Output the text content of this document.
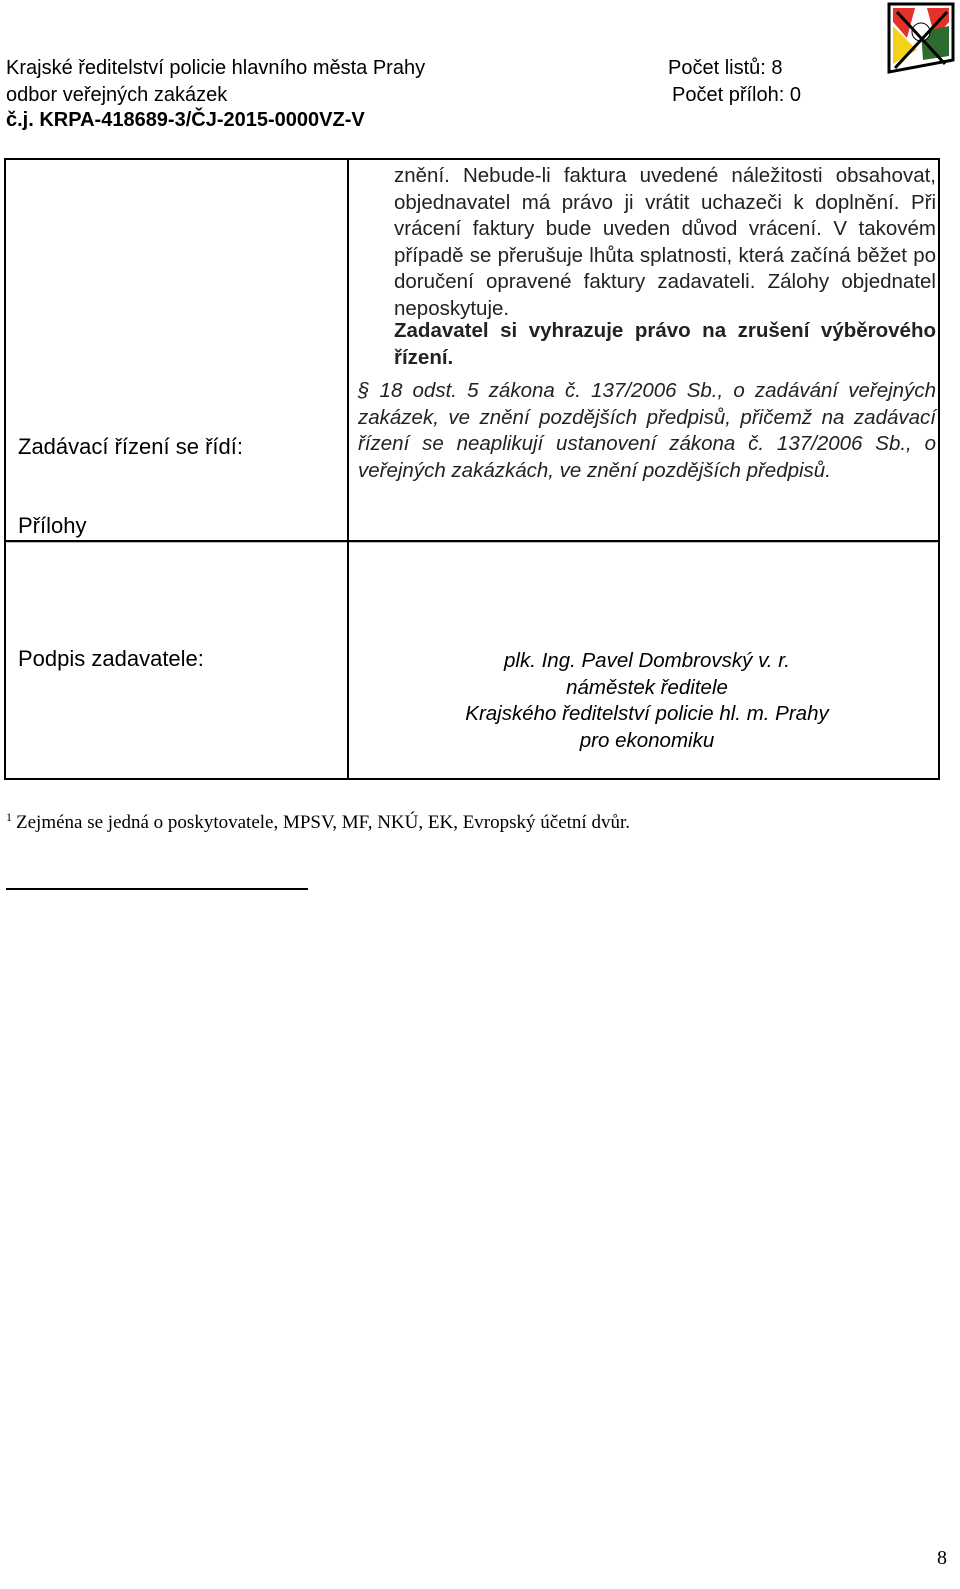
Krajské ředitelství policie hlavního města Prahy
odbor veřejných zakázek
č.j. KRPA-418689-3/ČJ-2015-0000VZ-V
Počet listů: 8
Počet příloh: 0
znění. Nebude-li faktura uvedené náležitosti obsahovat, objednavatel má právo ji vrátit uchazeči k doplnění. Při vrácení faktury bude uveden důvod vrácení. V takovém případě se přerušuje lhůta splatnosti, která začíná běžet po doručení opravené faktury zadavateli. Zálohy objednatel neposkytuje.
Zadavatel si vyhrazuje právo na zrušení výběrového řízení.
§ 18 odst. 5 zákona č. 137/2006 Sb., o zadávání veřejných zakázek, ve znění pozdějších předpisů, přičemž na zadávací řízení se neaplikují ustanovení zákona č. 137/2006 Sb., o veřejných zakázkách, ve znění pozdějších předpisů.
Zadávací řízení se řídí:
Přílohy
Podpis zadavatele:	plk. Ing. Pavel Dombrovský v. r.
náměstek ředitele
Krajského ředitelství policie hl. m. Prahy
pro ekonomiku
$^1$ Zejména se jedná o poskytovatele, MPSV, MF, NKÚ, EK, Evropský účetní dvůr.
8
